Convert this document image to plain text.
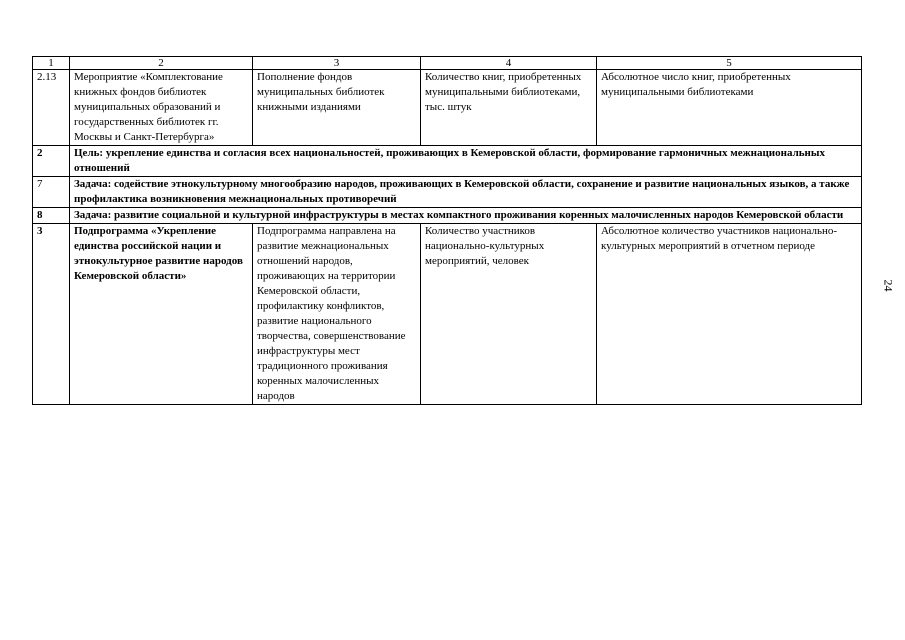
1	2	3	4	5
2.13	Мероприятие «Комплектование книжных фондов библиотек муниципальных образований и государственных библиотек гг. Москвы и Санкт-Петербурга»	Пополнение фондов муниципальных библиотек книжными изданиями	Количество книг, приобретенных муниципальными библиотеками, тыс. штук	Абсолютное число книг, приобретенных муниципальными библиотеками
2	Цель: укрепление единства и согласия всех национальностей, проживающих в Кемеровской области, формирование гармоничных межнациональных отношений			
7	Задача: содействие этнокультурному многообразию народов, проживающих в Кемеровской области, сохранение и развитие национальных языков, а также профилактика возникновения межнациональных противоречий			
8	Задача: развитие социальной и культурной инфраструктуры в местах компактного проживания коренных малочисленных народов Кемеровской области			
3	Подпрограмма «Укрепление единства российской нации и этнокультурное развитие народов Кемеровской области»	Подпрограмма направлена на развитие межнациональных отношений народов, проживающих на территории Кемеровской области, профилактику конфликтов, развитие национального творчества, совершенствование инфраструктуры мест традиционного проживания коренных малочисленных народов	Количество участников национально-культурных мероприятий, человек	Абсолютное количество участников национально-культурных мероприятий в отчетном периоде
24
